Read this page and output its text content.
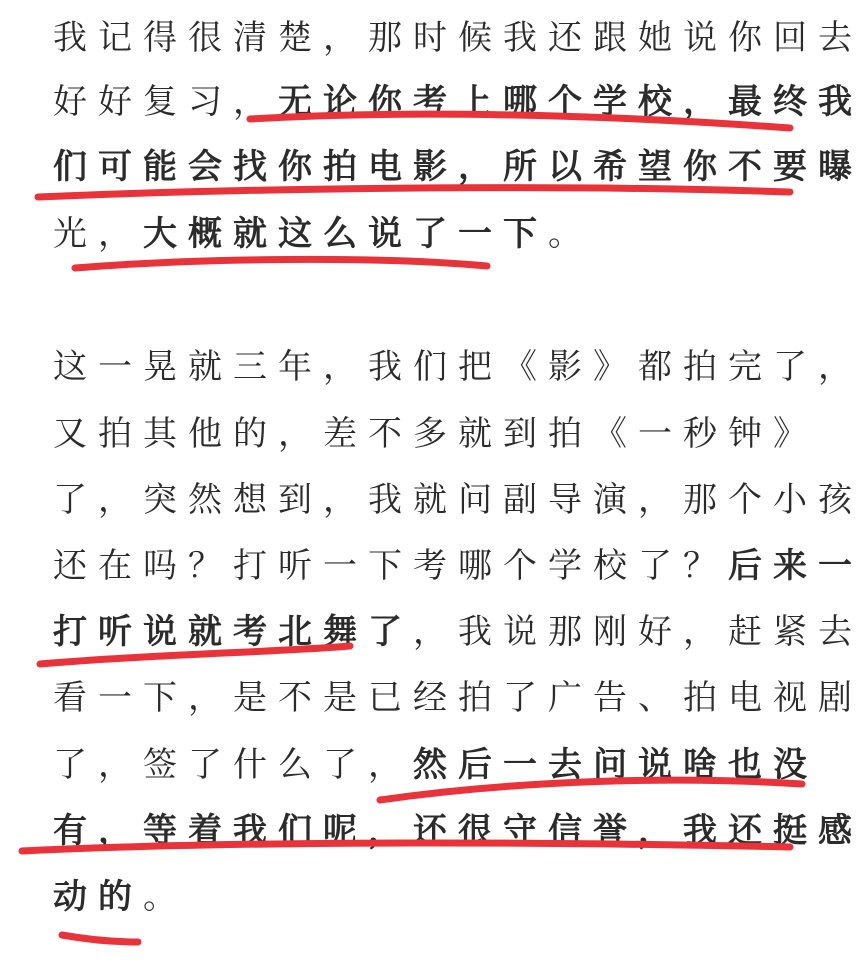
我记得很清楚，那时候我还跟她说你回去
好好复习，无论你考上哪个学校，最终我
们可能会找你拍电影，所以希望你不要曝
光，大概就这么说了一下。
这一晃就三年，我们把《影》都拍完了，
又拍其他的，差不多就到拍《一秒钟》
了，突然想到，我就问副导演，那个小孩
还在吗？打听一下考哪个学校了？后来一
打听说就考北舞了，我说那刚好，赶紧去
看一下，是不是已经拍了广告、拍电视剧
了，签了什么了，然后一去问说啥也没
有，等着我们呢，还很守信誉，我还挺感
动的。
